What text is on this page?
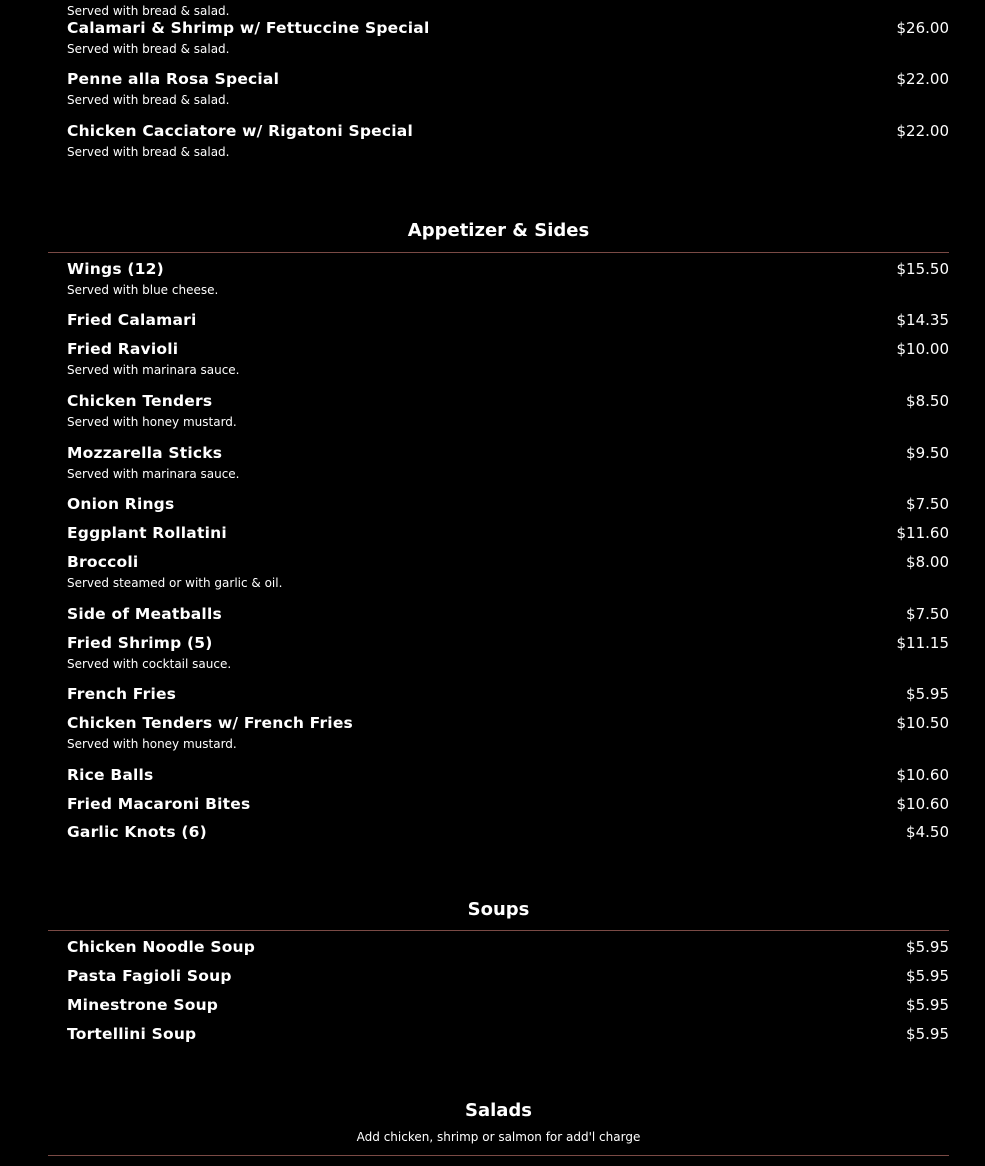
Served with bread & salad.
Calamari & Shrimp w/ Fettuccine Special	$26.00
Served with bread & salad.
Penne alla Rosa Special	$22.00
Served with bread & salad.
Chicken Cacciatore w/ Rigatoni Special	$22.00
Served with bread & salad.
Appetizer & Sides
Wings (12)	$15.50
Served with blue cheese.
Fried Calamari	$14.35
Fried Ravioli	$10.00
Served with marinara sauce.
Chicken Tenders	$8.50
Served with honey mustard.
Mozzarella Sticks	$9.50
Served with marinara sauce.
Onion Rings	$7.50
Eggplant Rollatini	$11.60
Broccoli	$8.00
Served steamed or with garlic & oil.
Side of Meatballs	$7.50
Fried Shrimp (5)	$11.15
Served with cocktail sauce.
French Fries	$5.95
Chicken Tenders w/ French Fries	$10.50
Served with honey mustard.
Rice Balls	$10.60
Fried Macaroni Bites	$10.60
Garlic Knots (6)	$4.50
Soups
Chicken Noodle Soup	$5.95
Pasta Fagioli Soup	$5.95
Minestrone Soup	$5.95
Tortellini Soup	$5.95
Salads
Add chicken, shrimp or salmon for add'l charge
